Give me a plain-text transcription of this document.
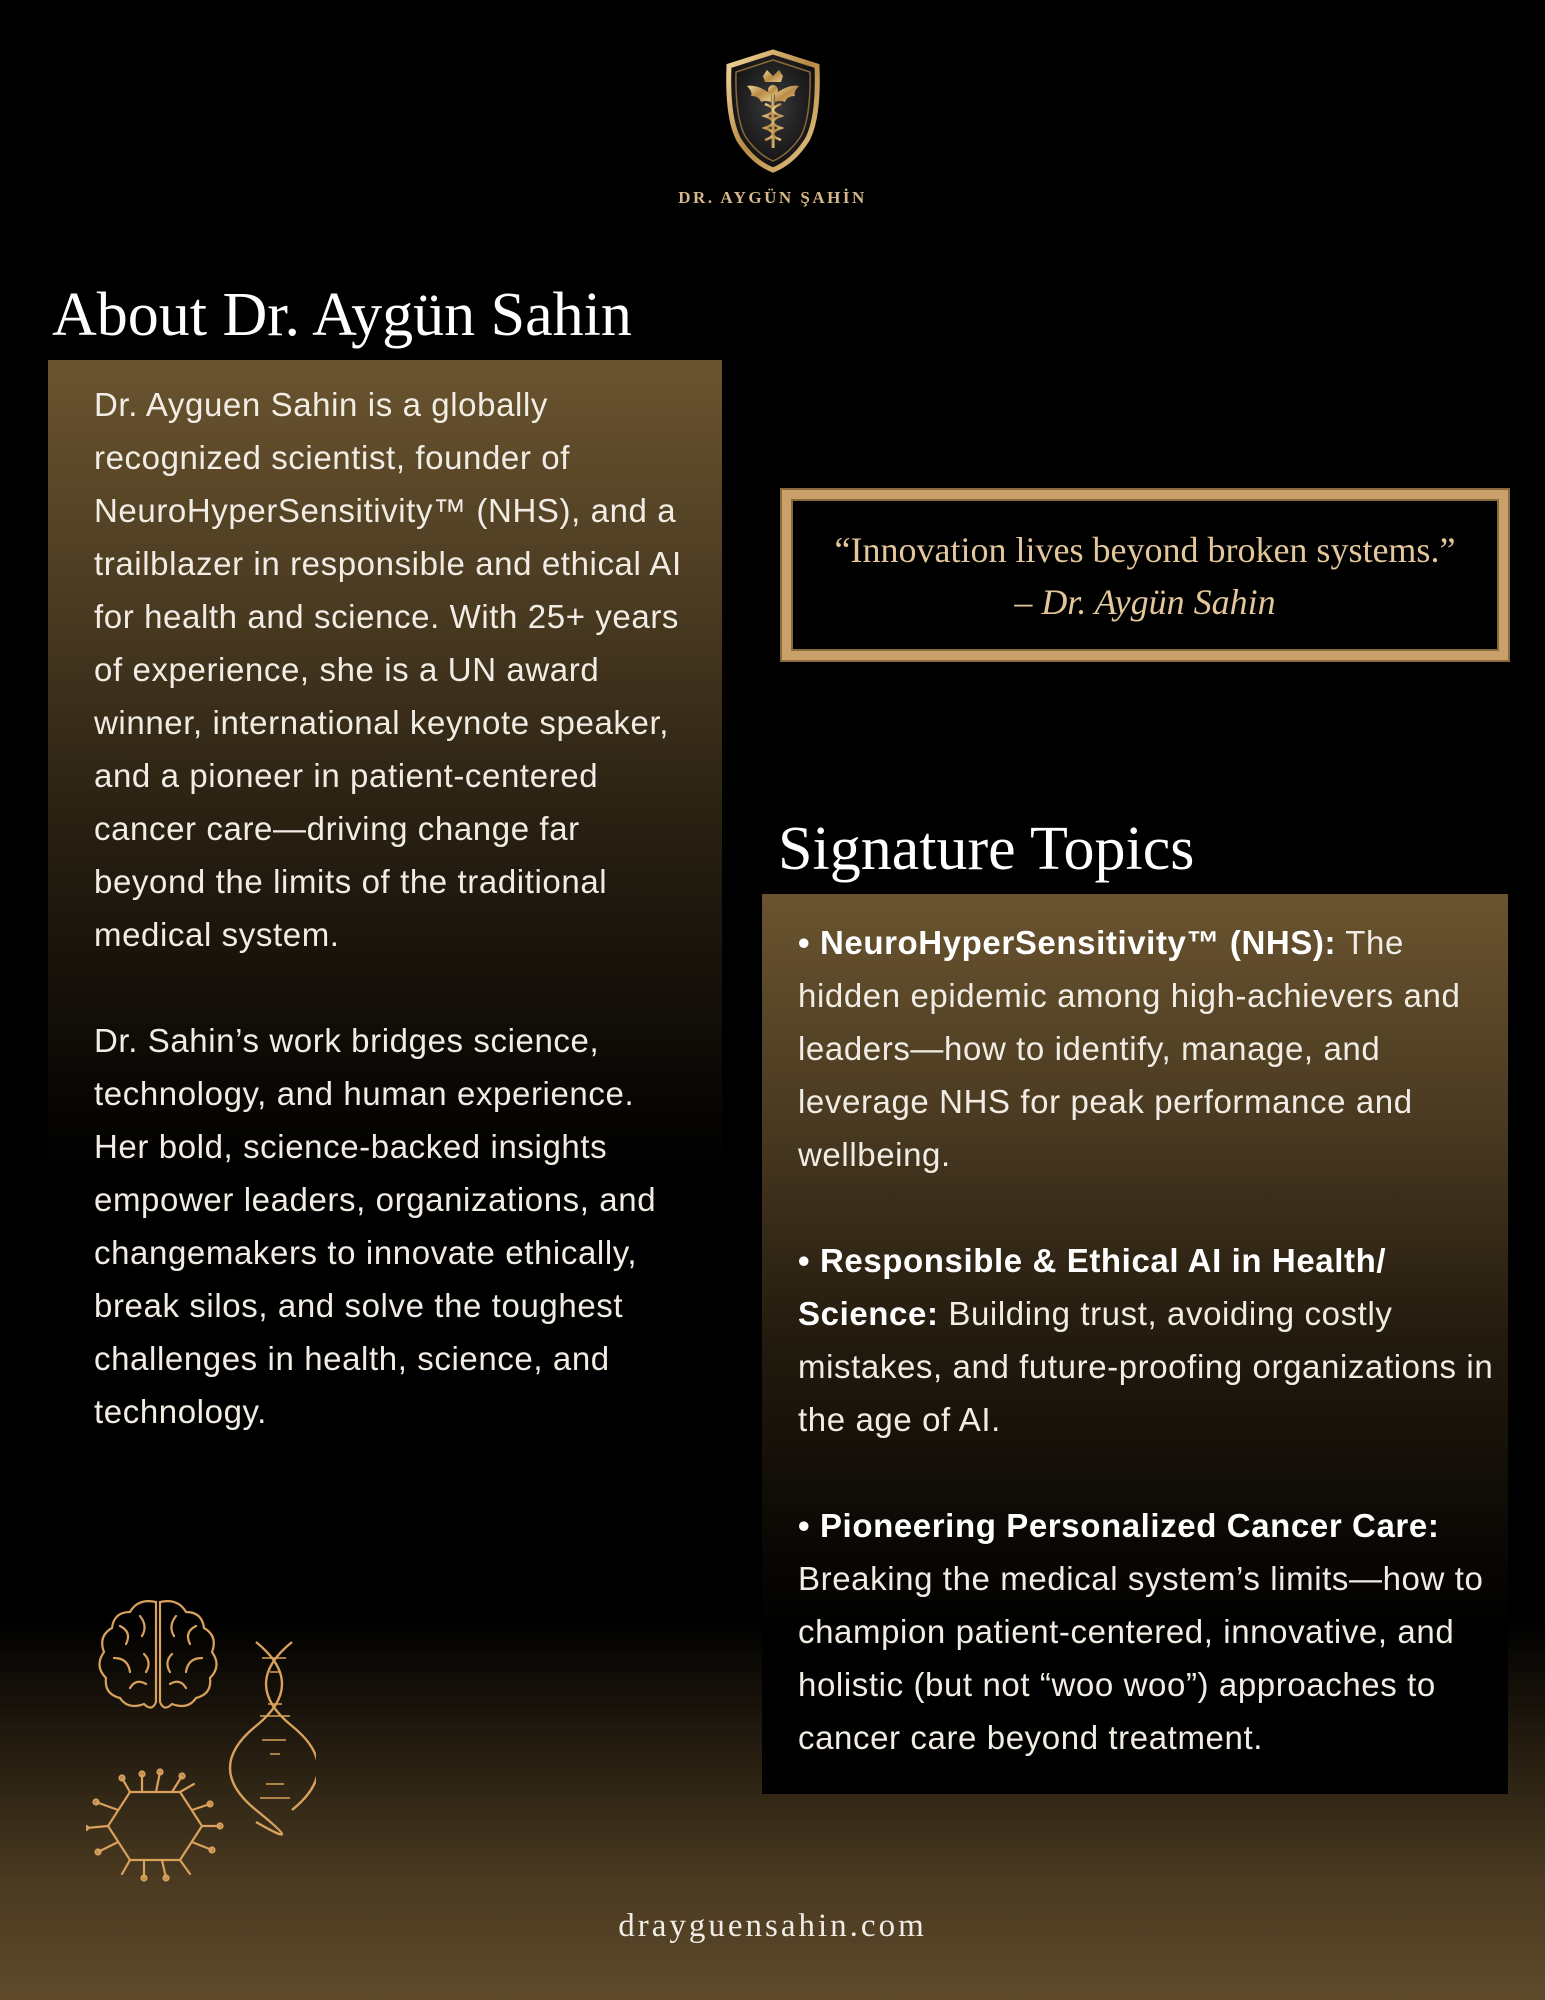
DR. AYGÜN ŞAHİN
About Dr. Aygün Sahin

Dr. Ayguen Sahin is a globally recognized scientist, founder of NeuroHyperSensitivity™ (NHS), and a trailblazer in responsible and ethical AI for health and science. With 25+ years of experience, she is a UN award winner, international keynote speaker, and a pioneer in patient-centered cancer care—driving change far beyond the limits of the traditional medical system.

Dr. Sahin’s work bridges science, technology, and human experience. Her bold, science-backed insights empower leaders, organizations, and changemakers to innovate ethically, break silos, and solve the toughest challenges in health, science, and technology.

“Innovation lives beyond broken systems.”
– Dr. Aygün Sahin
Signature Topics

• NeuroHyperSensitivity™ (NHS): The hidden epidemic among high-achievers and leaders—how to identify, manage, and leverage NHS for peak performance and wellbeing.

• Responsible & Ethical AI in Health/ Science: Building trust, avoiding costly mistakes, and future-proofing organizations in the age of AI.

• Pioneering Personalized Cancer Care: Breaking the medical system’s limits—how to champion patient-centered, innovative, and holistic (but not “woo woo”) approaches to cancer care beyond treatment.

drayguensahin.com
